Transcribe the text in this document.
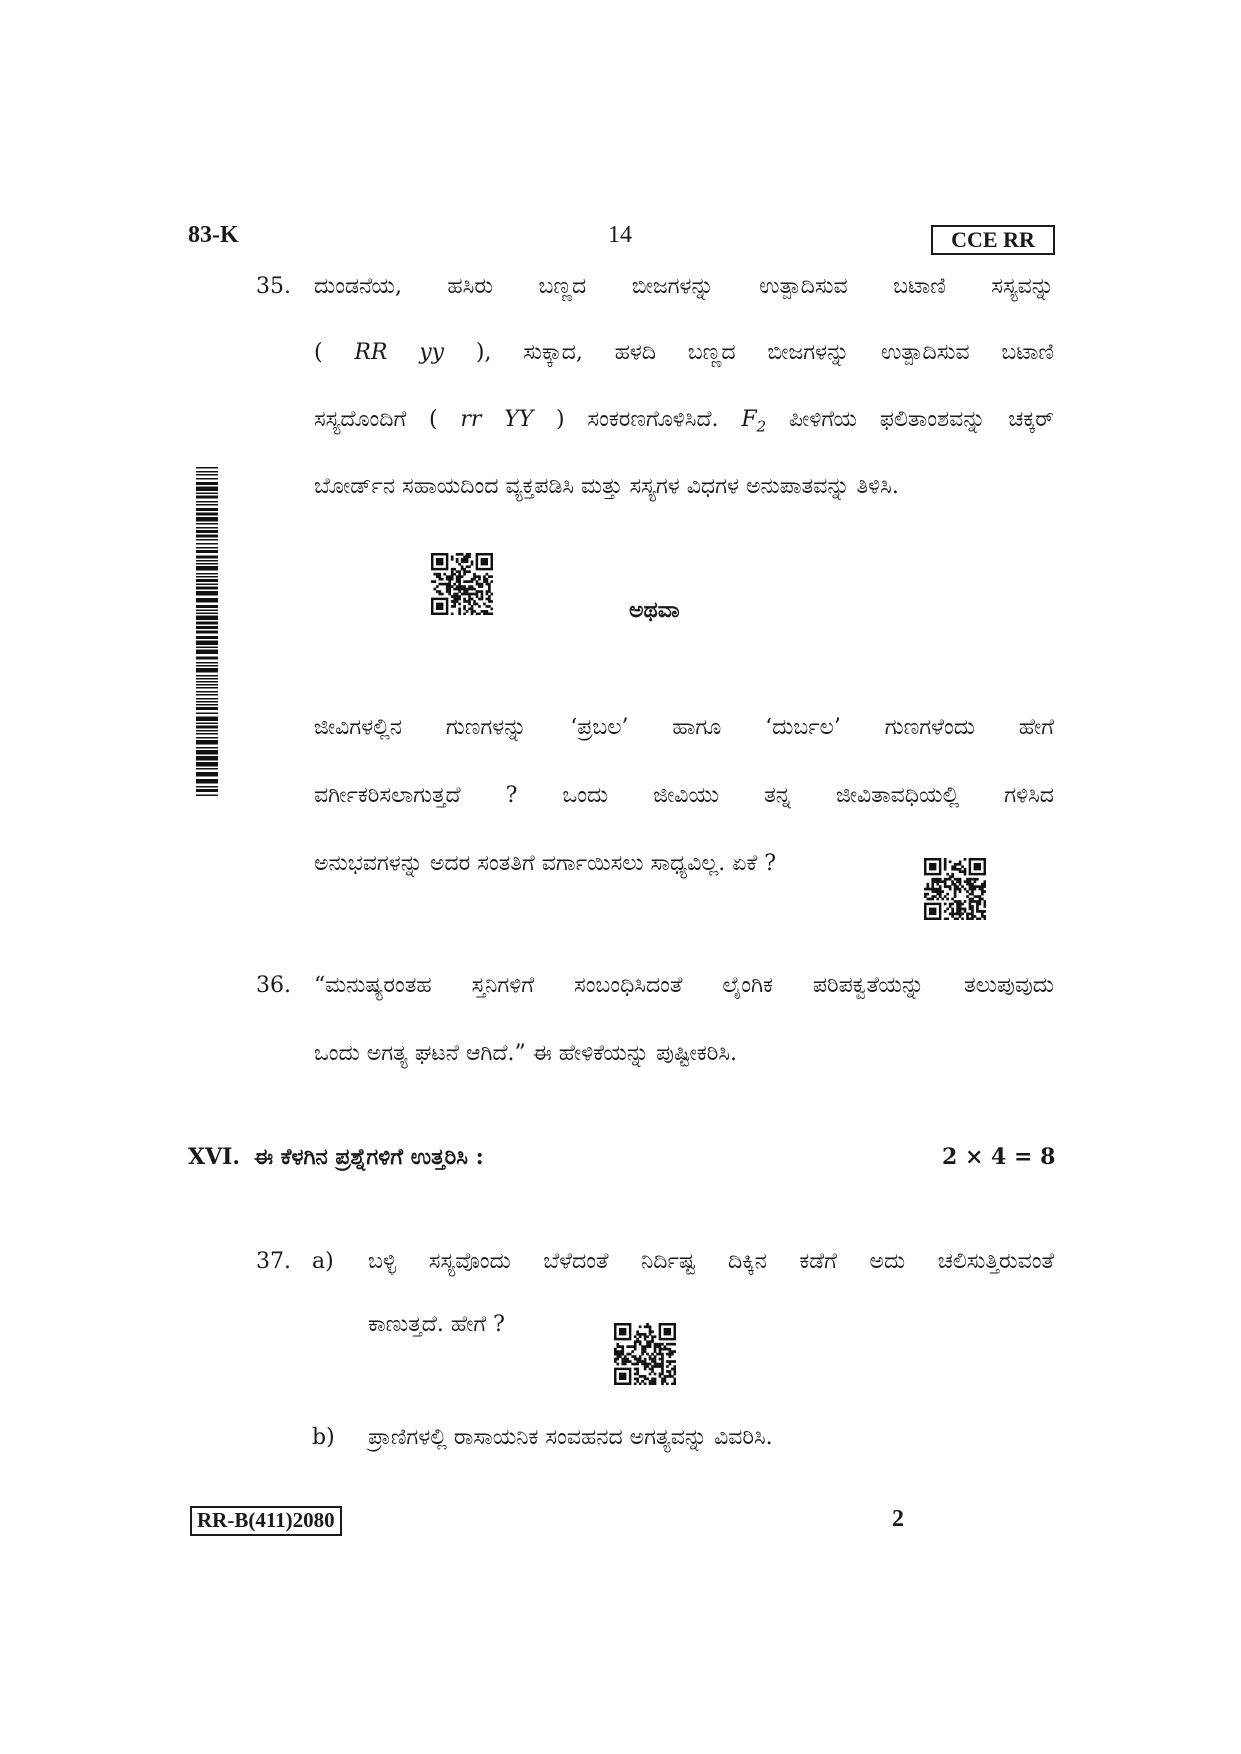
83-K	14	CCE RR
35. ದುಂಡನೆಯ, ಹಸಿರು ಬಣ್ಣದ ಬೀಜಗಳನ್ನು ಉತ್ಪಾದಿಸುವ ಬಟಾಣಿ ಸಸ್ಯವನ್ನು
( RR yy ), ಸುಕ್ಕಾದ, ಹಳದಿ ಬಣ್ಣದ ಬೀಜಗಳನ್ನು ಉತ್ಪಾದಿಸುವ ಬಟಾಣಿ
ಸಸ್ಯದೊಂದಿಗೆ ( rr YY ) ಸಂಕರಣಗೊಳಿಸಿದೆ. $F_2$ ಪೀಳಿಗೆಯ ಫಲಿತಾಂಶವನ್ನು ಚಕ್ಕರ್
ಬೋರ್ಡ್‌ನ ಸಹಾಯದಿಂದ ವ್ಯಕ್ತಪಡಿಸಿ ಮತ್ತು ಸಸ್ಯಗಳ ವಿಧಗಳ ಅನುಪಾತವನ್ನು ತಿಳಿಸಿ.
ಅಥವಾ
ಜೀವಿಗಳಲ್ಲಿನ ಗುಣಗಳನ್ನು ‘ಪ್ರಬಲ’ ಹಾಗೂ ‘ದುರ್ಬಲ’ ಗುಣಗಳೆಂದು ಹೇಗೆ
ವರ್ಗೀಕರಿಸಲಾಗುತ್ತದೆ ? ಒಂದು ಜೀವಿಯು ತನ್ನ ಜೀವಿತಾವಧಿಯಲ್ಲಿ ಗಳಿಸಿದ
ಅನುಭವಗಳನ್ನು ಅದರ ಸಂತತಿಗೆ ವರ್ಗಾಯಿಸಲು ಸಾಧ್ಯವಿಲ್ಲ. ಏಕೆ ?
36. “ಮನುಷ್ಯರಂತಹ ಸ್ತನಿಗಳಿಗೆ ಸಂಬಂಧಿಸಿದಂತೆ ಲೈಂಗಿಕ ಪರಿಪಕ್ವತೆಯನ್ನು ತಲುಪುವುದು
ಒಂದು ಅಗತ್ಯ ಘಟನೆ ಆಗಿದೆ.” ಈ ಹೇಳಿಕೆಯನ್ನು ಪುಷ್ಟೀಕರಿಸಿ.
XVI. ಈ ಕೆಳಗಿನ ಪ್ರಶ್ನೆಗಳಿಗೆ ಉತ್ತರಿಸಿ :	2 × 4 = 8
37. a) ಬಳ್ಳಿ ಸಸ್ಯವೊಂದು ಬೆಳೆದಂತೆ ನಿರ್ದಿಷ್ಟ ದಿಕ್ಕಿನ ಕಡೆಗೆ ಅದು ಚಲಿಸುತ್ತಿರುವಂತೆ
ಕಾಣುತ್ತದೆ. ಹೇಗೆ ?
b) ಪ್ರಾಣಿಗಳಲ್ಲಿ ರಾಸಾಯನಿಕ ಸಂವಹನದ ಅಗತ್ಯವನ್ನು ವಿವರಿಸಿ.
RR-B(411)2080	2
